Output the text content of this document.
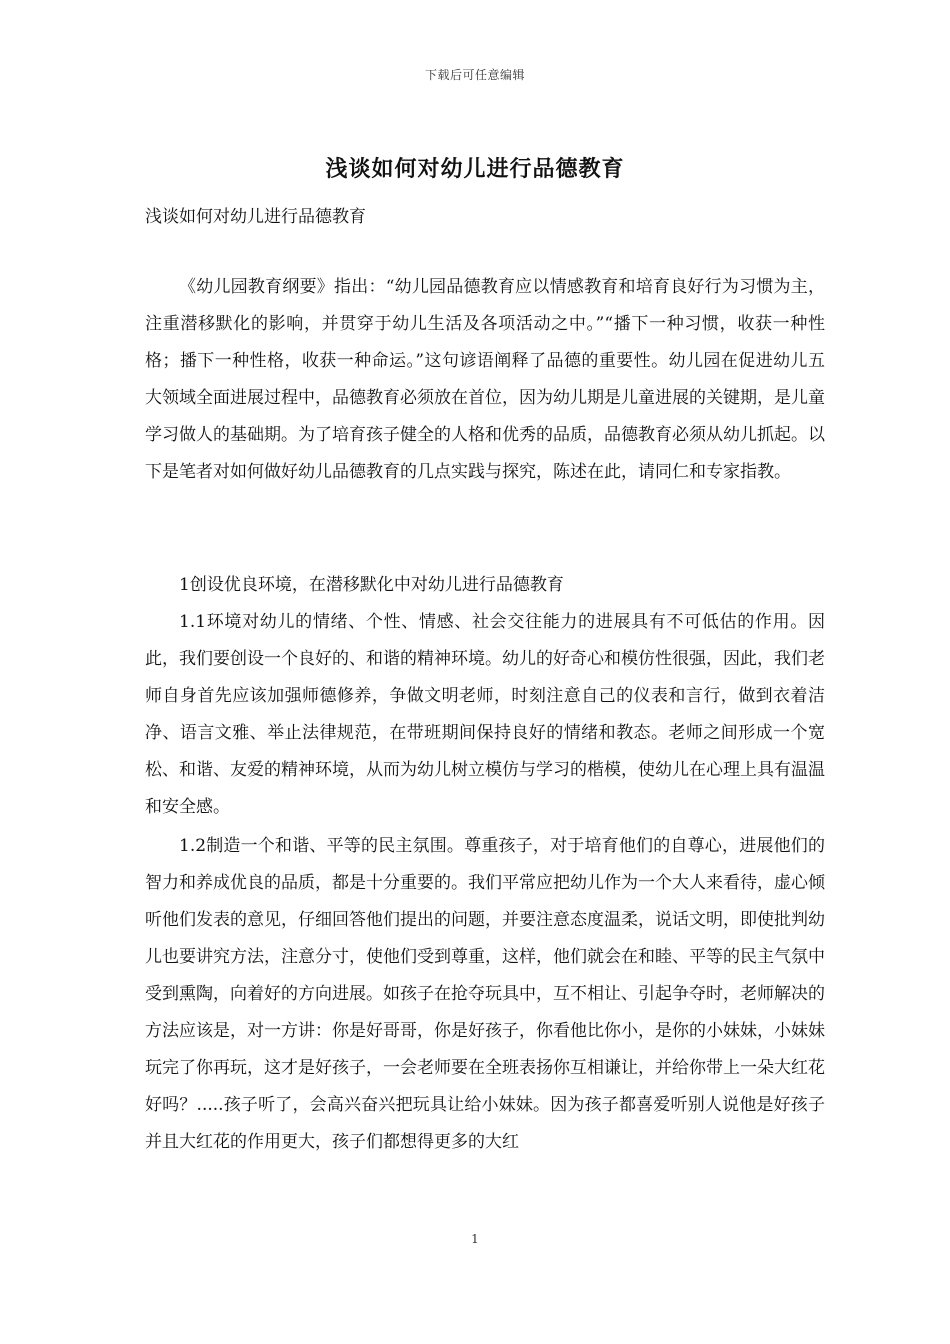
下载后可任意编辑
浅谈如何对幼儿进行品德教育
浅谈如何对幼儿进行品德教育

《幼儿园教育纲要》指出：“幼儿园品德教育应以情感教育和培育良好行为习惯为主，注重潜移默化的影响，并贯穿于幼儿生活及各项活动之中。”“播下一种习惯，收获一种性格；播下一种性格，收获一种命运。”这句谚语阐释了品德的重要性。幼儿园在促进幼儿五大领域全面进展过程中，品德教育必须放在首位，因为幼儿期是儿童进展的关键期，是儿童学习做人的基础期。为了培育孩子健全的人格和优秀的品质，品德教育必须从幼儿抓起。以下是笔者对如何做好幼儿品德教育的几点实践与探究，陈述在此，请同仁和专家指教。

1创设优良环境，在潜移默化中对幼儿进行品德教育

1.1环境对幼儿的情绪、个性、情感、社会交往能力的进展具有不可低估的作用。因此，我们要创设一个良好的、和谐的精神环境。幼儿的好奇心和模仿性很强，因此，我们老师自身首先应该加强师德修养，争做文明老师，时刻注意自己的仪表和言行，做到衣着洁净、语言文雅、举止法律规范，在带班期间保持良好的情绪和教态。老师之间形成一个宽松、和谐、友爱的精神环境，从而为幼儿树立模仿与学习的楷模，使幼儿在心理上具有温温和安全感。

1.2制造一个和谐、平等的民主氛围。尊重孩子，对于培育他们的自尊心，进展他们的智力和养成优良的品质，都是十分重要的。我们平常应把幼儿作为一个大人来看待，虚心倾听他们发表的意见，仔细回答他们提出的问题，并要注意态度温柔，说话文明，即使批判幼儿也要讲究方法，注意分寸，使他们受到尊重，这样，他们就会在和睦、平等的民主气氛中受到熏陶，向着好的方向进展。如孩子在抢夺玩具中，互不相让、引起争夺时，老师解决的方法应该是，对一方讲：你是好哥哥，你是好孩子，你看他比你小，是你的小妹妹，小妹妹玩完了你再玩，这才是好孩子，一会老师要在全班表扬你互相谦让，并给你带上一朵大红花好吗？.....孩子听了，会高兴奋兴把玩具让给小妹妹。因为孩子都喜爱听别人说他是好孩子并且大红花的作用更大，孩子们都想得更多的大红

1
